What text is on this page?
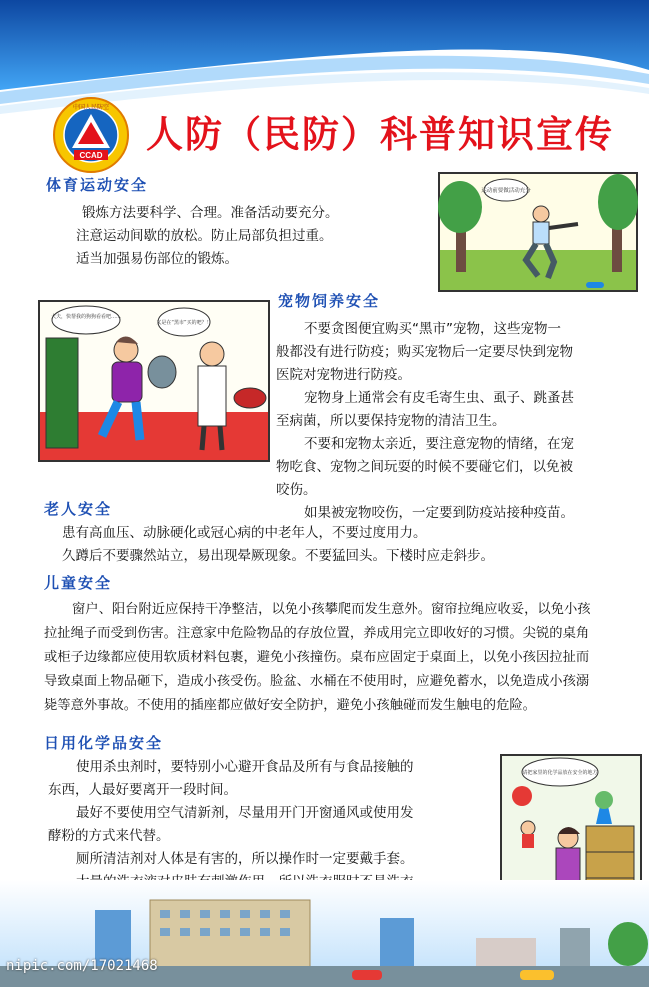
CCAD
中国人民防空
人防（民防）科普知识宣传
体育运动安全

锻炼方法要科学、合理。准备活动要充分。

注意运动间歇的放松。防止局部负担过重。

适当加强易伤部位的锻炼。

运动前要做活动充分
宠物饲养安全
大夫，快帮我的狗狗看看吧……
又是在“黑市”买的吧？！	不要贪图便宜购买“黑市”宠物，这些宠物一

般都没有进行防疫；购买宠物后一定要尽快到宠物

医院对宠物进行防疫。

宠物身上通常会有皮毛寄生虫、虱子、跳蚤甚

至病菌，所以要保持宠物的清洁卫生。

不要和宠物太亲近，要注意宠物的情绪，在宠

物吃食、宠物之间玩耍的时候不要碰它们，以免被

咬伤。

如果被宠物咬伤，一定要到防疫站接种疫苗。

老人安全

患有高血压、动脉硬化或冠心病的中老年人，不要过度用力。

久蹲后不要骤然站立，易出现晕厥现象。不要猛回头。下楼时应走斜步。

儿童安全

窗户、阳台附近应保持干净整洁，以免小孩攀爬而发生意外。窗帘拉绳应收妥，以免小孩

拉扯绳子而受到伤害。注意家中危险物品的存放位置，养成用完立即收好的习惯。尖锐的桌角

或柜子边缘都应使用软质材料包裹，避免小孩撞伤。桌布应固定于桌面上，以免小孩因拉扯而

导致桌面上物品砸下，造成小孩受伤。脸盆、水桶在不使用时，应避免蓄水，以免造成小孩溺

毙等意外事故。不使用的插座都应做好安全防护，避免小孩触碰而发生触电的危险。

日用化学品安全

使用杀虫剂时，要特别小心避开食品及所有与食品接触的

东西，人最好要离开一段时间。

最好不要使用空气清新剂，尽量用开门开窗通风或使用发

酵粉的方式来代替。

厕所清洁剂对人体是有害的，所以操作时一定要戴手套。

请把家里的化学品放在安全的地方
nipic.com/17021468
